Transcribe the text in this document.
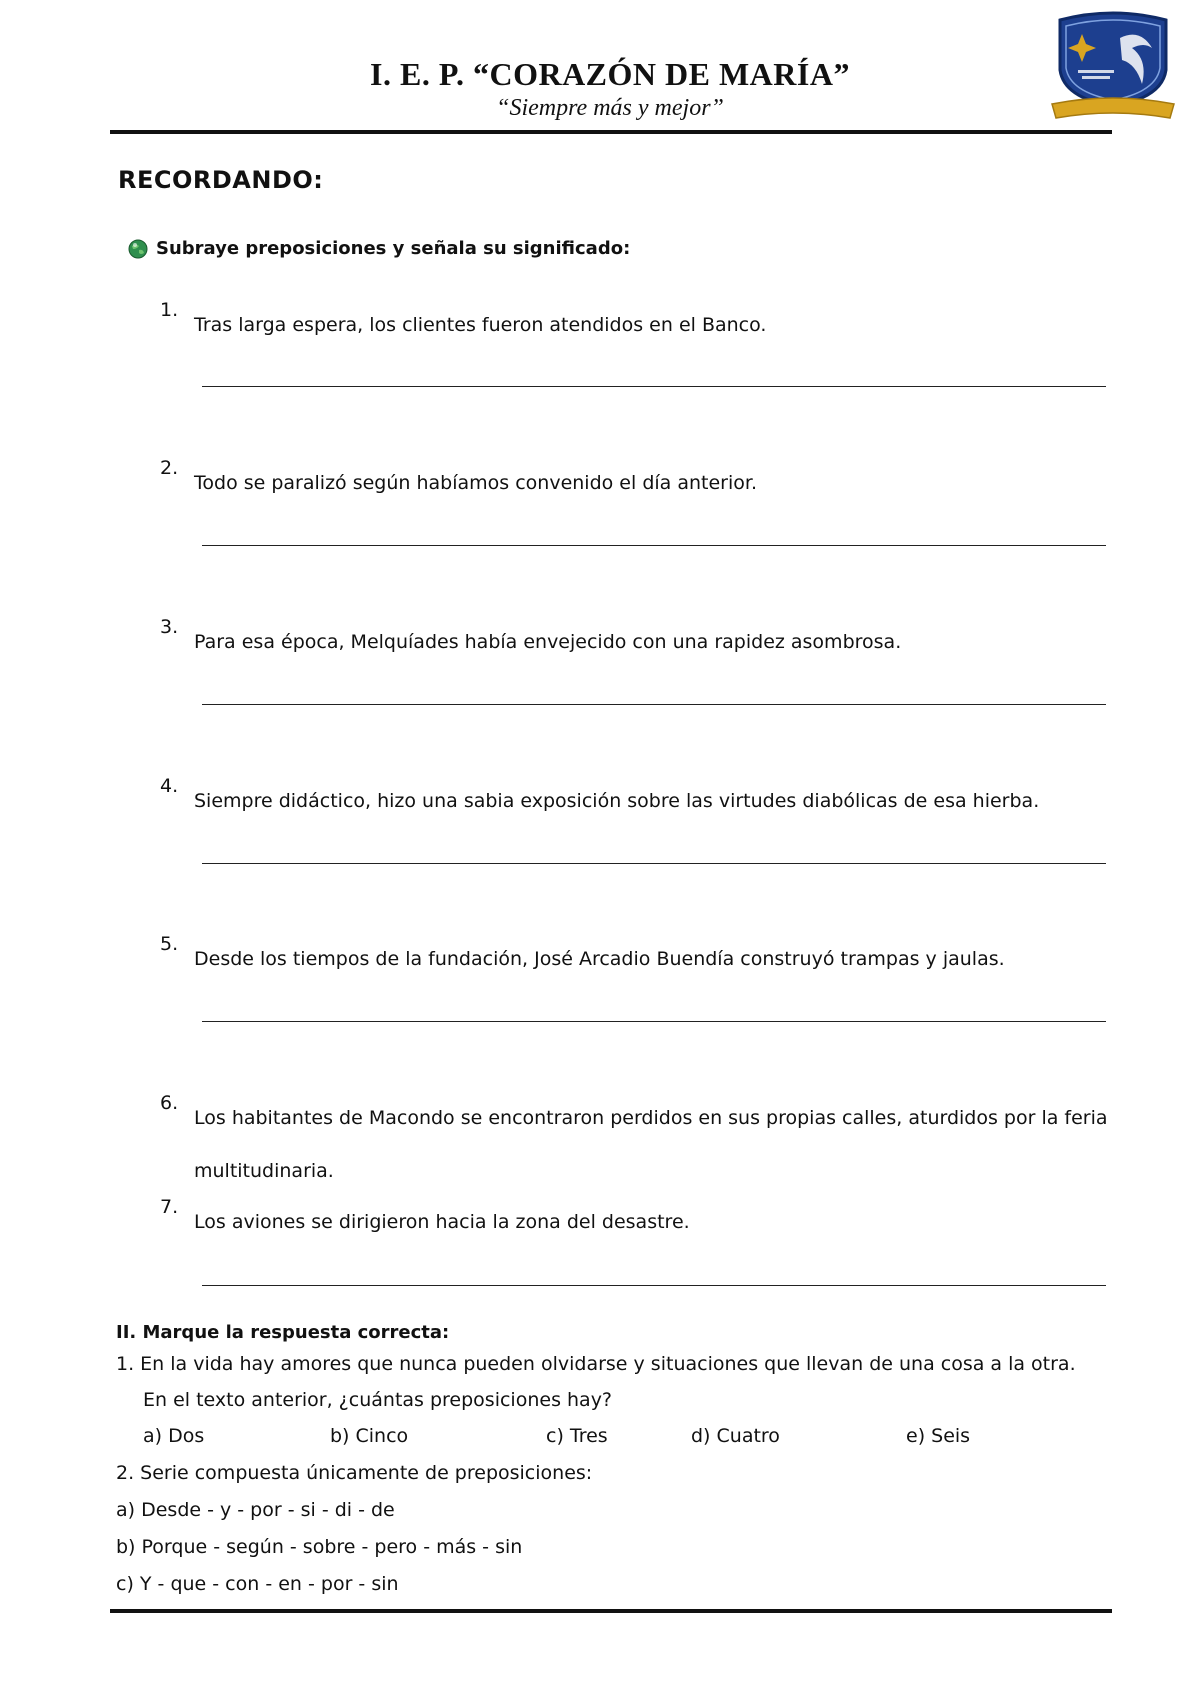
I. E. P. “CORAZÓN DE MARÍA”
“Siempre más y mejor”
RECORDANDO:
Subraye preposiciones y señala su significado:
1.
Tras larga espera, los clientes fueron atendidos en el Banco.
2.
Todo se paralizó según habíamos convenido el día anterior.
3.
Para esa época, Melquíades había envejecido con una rapidez asombrosa.
4.
Siempre didáctico, hizo una sabia exposición sobre las virtudes diabólicas de esa hierba.
5.
Desde los tiempos de la fundación, José Arcadio Buendía construyó trampas y jaulas.
6.
Los habitantes de Macondo se encontraron perdidos en sus propias calles, aturdidos por la feria multitudinaria.
7.
Los aviones se dirigieron hacia la zona del desastre.
II. Marque la respuesta correcta:
1. En la vida hay amores que nunca pueden olvidarse y situaciones que llevan de una cosa a la otra.
En el texto anterior, ¿cuántas preposiciones hay?
a) Dos	b) Cinco	c) Tres	d) Cuatro	e) Seis
2. Serie compuesta únicamente de preposiciones:
a) Desde - y - por - si - di - de
b) Porque - según - sobre - pero - más - sin
c) Y - que - con - en - por - sin
